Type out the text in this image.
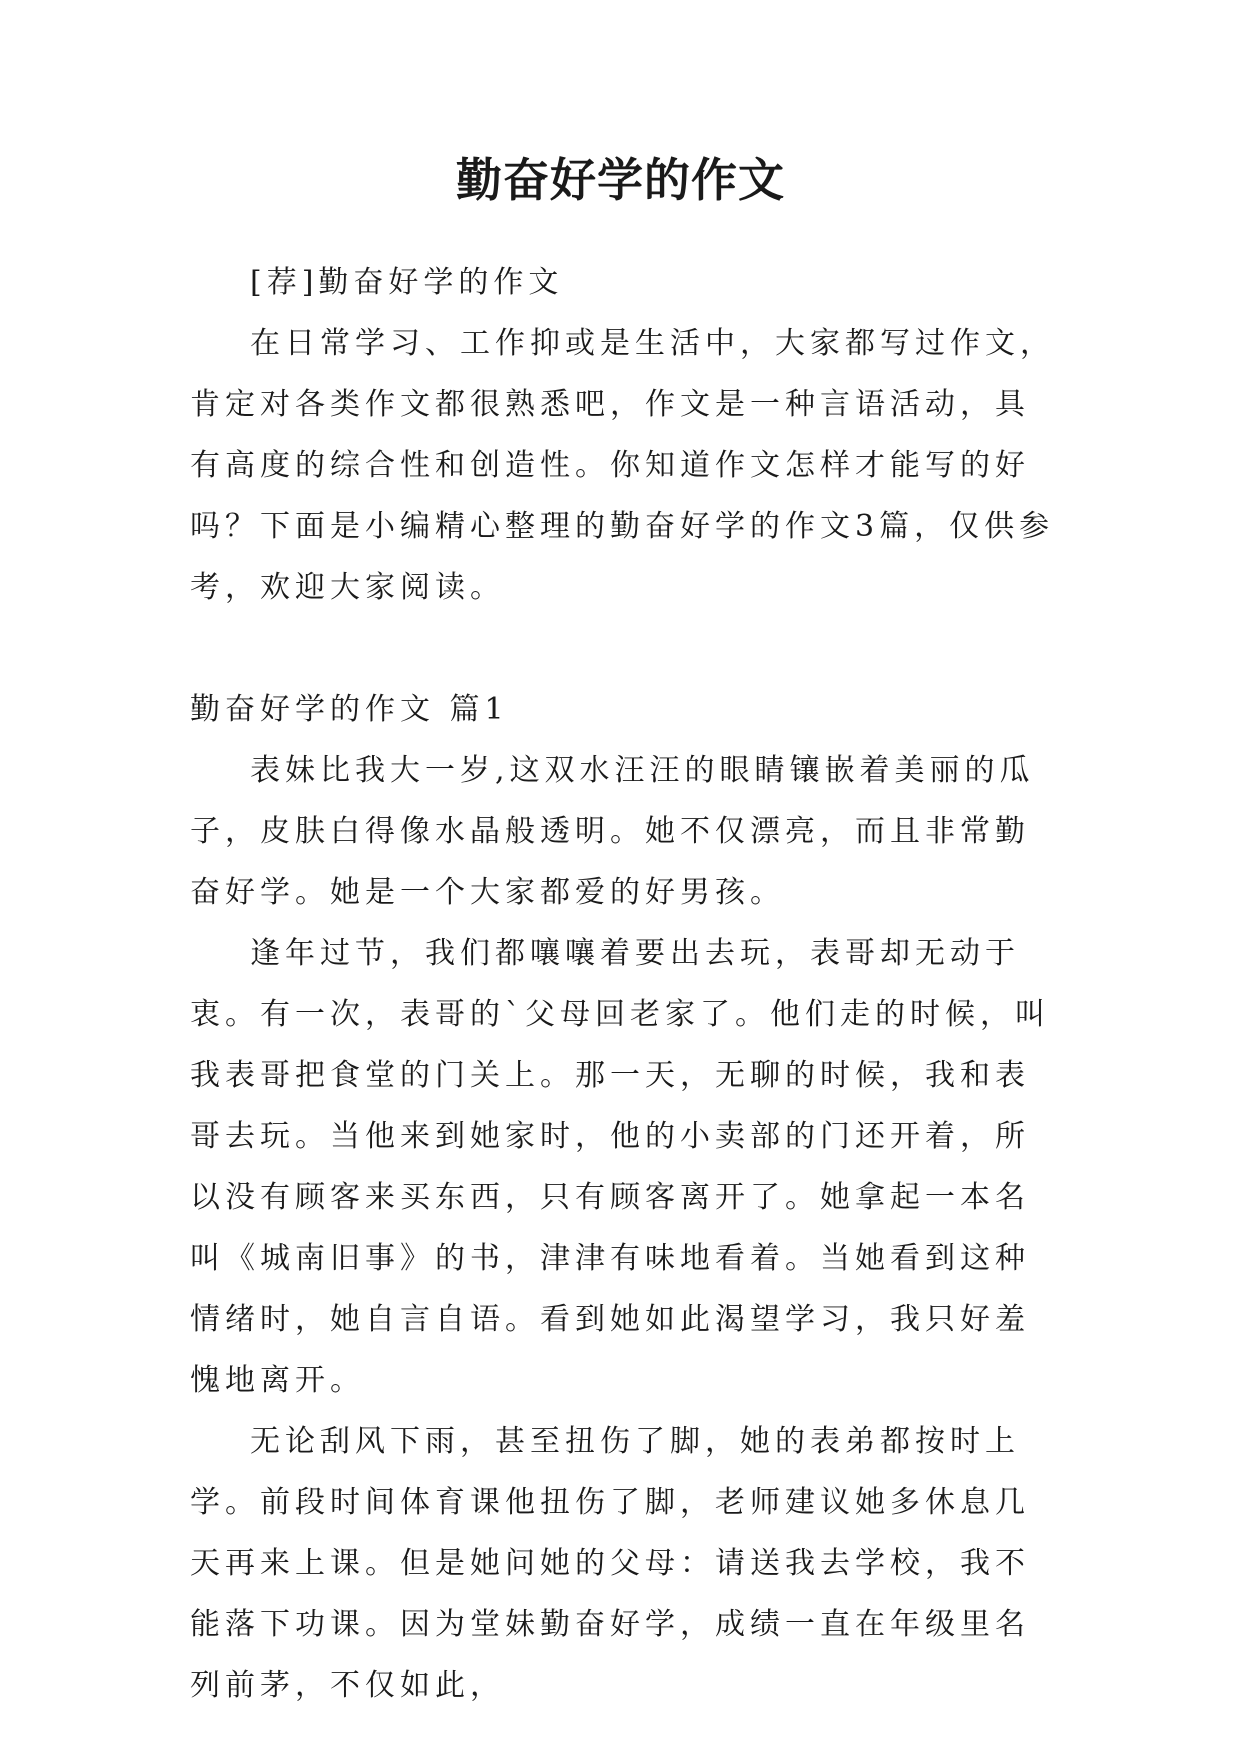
勤奋好学的作文

[荐]勤奋好学的作文

在日常学习、工作抑或是生活中，大家都写过作文，肯定对各类作文都很熟悉吧，作文是一种言语活动，具有高度的综合性和创造性。你知道作文怎样才能写的好吗？下面是小编精心整理的勤奋好学的作文3篇，仅供参考，欢迎大家阅读。

勤奋好学的作文 篇1

表妹比我大一岁,这双水汪汪的眼睛镶嵌着美丽的瓜子，皮肤白得像水晶般透明。她不仅漂亮，而且非常勤奋好学。她是一个大家都爱的好男孩。

逢年过节，我们都嚷嚷着要出去玩，表哥却无动于衷。有一次，表哥的`父母回老家了。他们走的时候，叫我表哥把食堂的门关上。那一天，无聊的时候，我和表哥去玩。当他来到她家时，他的小卖部的门还开着，所以没有顾客来买东西，只有顾客离开了。她拿起一本名叫《城南旧事》的书，津津有味地看着。当她看到这种情绪时，她自言自语。看到她如此渴望学习，我只好羞愧地离开。

无论刮风下雨，甚至扭伤了脚，她的表弟都按时上学。前段时间体育课他扭伤了脚，老师建议她多休息几天再来上课。但是她问她的父母：请送我去学校，我不能落下功课。因为堂妹勤奋好学，成绩一直在年级里名列前茅，不仅如此，
